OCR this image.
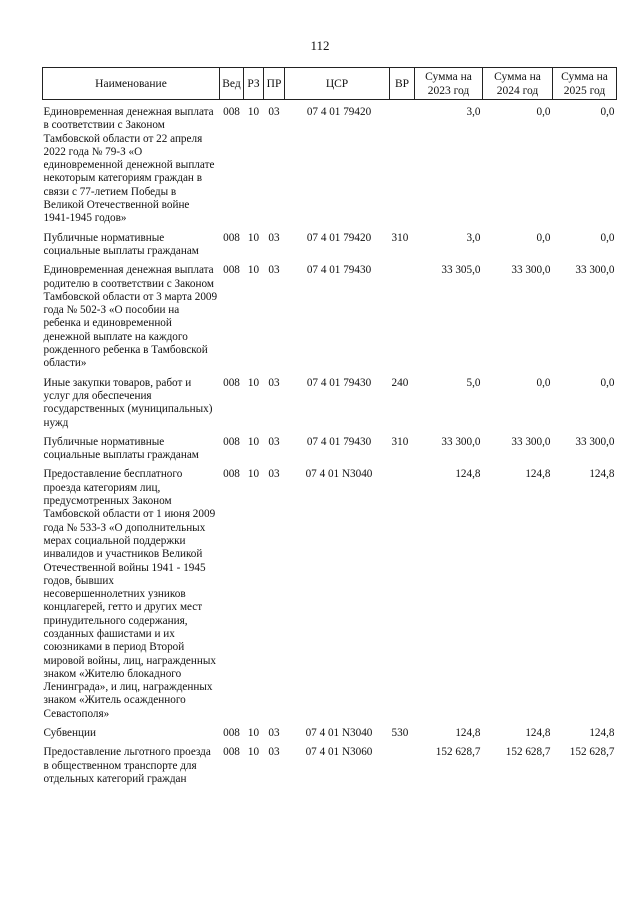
112
Наименование	Вед	РЗ	ПР	ЦСР	ВР	Сумма на 2023 год	Сумма на 2024 год	Сумма на 2025 год
Единовременная денежная выплата в соответствии с Законом Тамбовской области от 22 апреля 2022 года № 79-З «О единовременной денежной выплате некоторым категориям граждан в связи с 77-летием Победы в Великой Отечественной войне 1941-1945 годов»	008	10	03	07 4 01 79420		3,0	0,0	0,0
Публичные нормативные социальные выплаты гражданам	008	10	03	07 4 01 79420	310	3,0	0,0	0,0
Единовременная денежная выплата родителю в соответствии с Законом Тамбовской области от 3 марта 2009 года № 502-З «О пособии на ребенка и единовременной денежной выплате на каждого рожденного ребенка в Тамбовской области»	008	10	03	07 4 01 79430		33 305,0	33 300,0	33 300,0
Иные закупки товаров, работ и услуг для обеспечения государственных (муниципальных) нужд	008	10	03	07 4 01 79430	240	5,0	0,0	0,0
Публичные нормативные социальные выплаты гражданам	008	10	03	07 4 01 79430	310	33 300,0	33 300,0	33 300,0
Предоставление бесплатного проезда категориям лиц, предусмотренных Законом Тамбовской области от 1 июня 2009 года № 533-З «О дополнительных мерах социальной поддержки инвалидов и участников Великой Отечественной войны 1941 - 1945 годов, бывших несовершеннолетних узников концлагерей, гетто и других мест принудительного содержания, созданных фашистами и их союзниками в период Второй мировой войны, лиц, награжденных знаком «Жителю блокадного Ленинграда», и лиц, награжденных знаком «Житель осажденного Севастополя»	008	10	03	07 4 01 N3040		124,8	124,8	124,8
Субвенции	008	10	03	07 4 01 N3040	530	124,8	124,8	124,8
Предоставление льготного проезда в общественном транспорте для отдельных категорий граждан	008	10	03	07 4 01 N3060		152 628,7	152 628,7	152 628,7
